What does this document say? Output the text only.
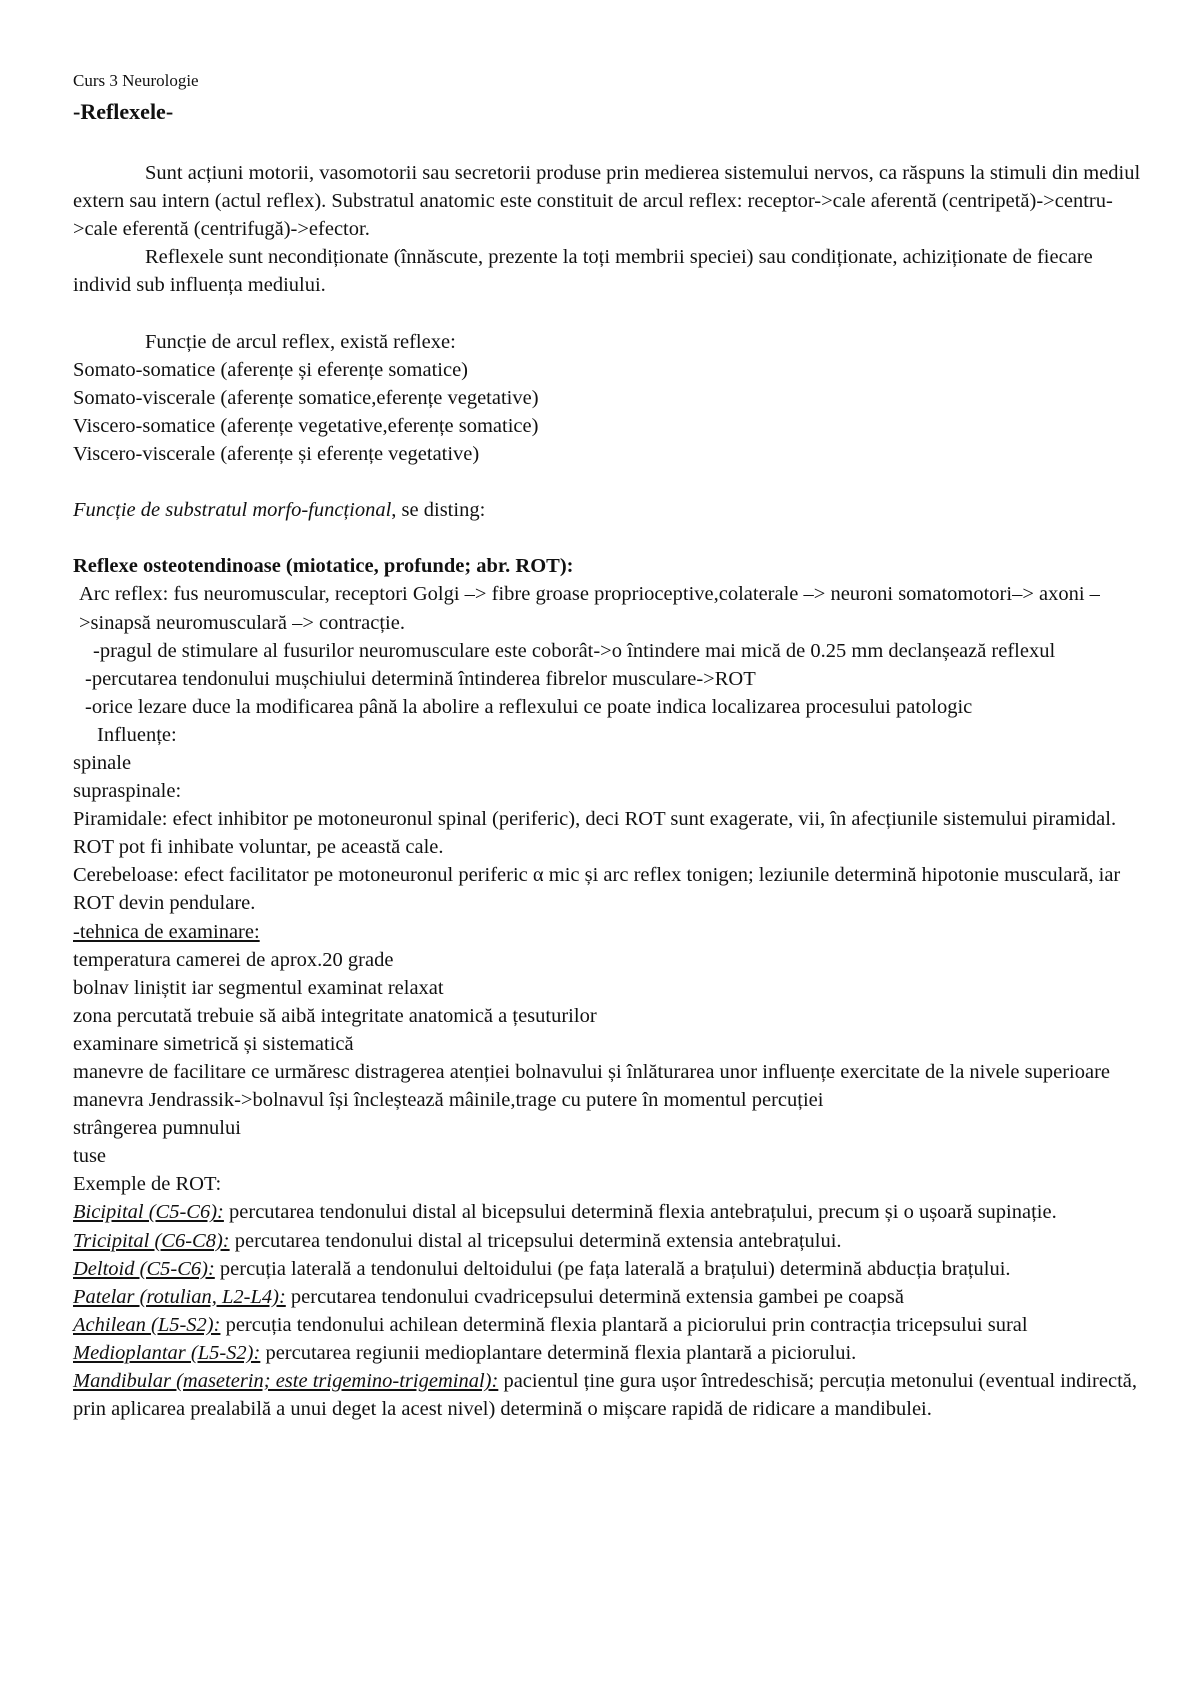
Curs 3 Neurologie
-Reflexele-

Sunt acțiuni motorii, vasomotorii sau secretorii produse prin medierea sistemului nervos, ca răspuns la stimuli din mediul extern sau intern (actul reflex). Substratul anatomic este constituit de arcul reflex: receptor->cale aferentă (centripetă)->centru->cale eferentă (centrifugă)->efector.

Reflexele sunt necondiționate (înnăscute, prezente la toți membrii speciei) sau condiționate, achiziționate de fiecare individ sub influența mediului.

Funcție de arcul reflex, există reflexe:

Somato-somatice (aferențe și eferențe somatice)

Somato-viscerale (aferențe somatice,eferențe vegetative)

Viscero-somatice (aferențe vegetative,eferențe somatice)

Viscero-viscerale (aferențe și eferențe vegetative)

Funcție de substratul morfo-funcțional, se disting:

Reflexe osteotendinoase (miotatice, profunde; abr. ROT):

Arc reflex: fus neuromuscular, receptori Golgi –> fibre groase proprioceptive,colaterale –> neuroni somatomotori–> axoni –>sinapsă neuromusculară –> contracție.

-pragul de stimulare al fusurilor neuromusculare este coborât->o întindere mai mică de 0.25 mm declanșează reflexul

-percutarea tendonului mușchiului determină întinderea fibrelor musculare->ROT

-orice lezare duce la modificarea până la abolire a reflexului ce poate indica localizarea procesului patologic

Influențe:

spinale

supraspinale:

Piramidale: efect inhibitor pe motoneuronul spinal (periferic), deci ROT sunt exagerate, vii, în afecțiunile sistemului piramidal. ROT pot fi inhibate voluntar, pe această cale.

Cerebeloase: efect facilitator pe motoneuronul periferic α mic și arc reflex tonigen; leziunile determină hipotonie musculară, iar ROT devin pendulare.

-tehnica de examinare:

temperatura camerei de aprox.20 grade

bolnav liniștit iar segmentul examinat relaxat

zona percutată trebuie să aibă integritate anatomică a țesuturilor

examinare simetrică și sistematică

manevre de facilitare ce urmăresc distragerea atenției bolnavului și înlăturarea unor influențe exercitate de la nivele superioare

manevra Jendrassik->bolnavul își încleștează mâinile,trage cu putere în momentul percuției

strângerea pumnului

tuse

Exemple de ROT:

Bicipital (C5-C6): percutarea tendonului distal al bicepsului determină flexia antebrațului, precum și o ușoară supinație.

Tricipital (C6-C8): percutarea tendonului distal al tricepsului determină extensia antebrațului.

Deltoid (C5-C6): percuția laterală a tendonului deltoidului (pe fața laterală a brațului) determină abducția brațului.

Patelar (rotulian, L2-L4): percutarea tendonului cvadricepsului determină extensia gambei pe coapsă

Achilean (L5-S2): percuția tendonului achilean determină flexia plantară a piciorului prin contracția tricepsului sural

Medioplantar (L5-S2): percutarea regiunii medioplantare determină flexia plantară a piciorului.

Mandibular (maseterin; este trigemino-trigeminal): pacientul ține gura ușor întredeschisă; percuția metonului (eventual indirectă, prin aplicarea prealabilă a unui deget la acest nivel) determină o mișcare rapidă de ridicare a mandibulei.
